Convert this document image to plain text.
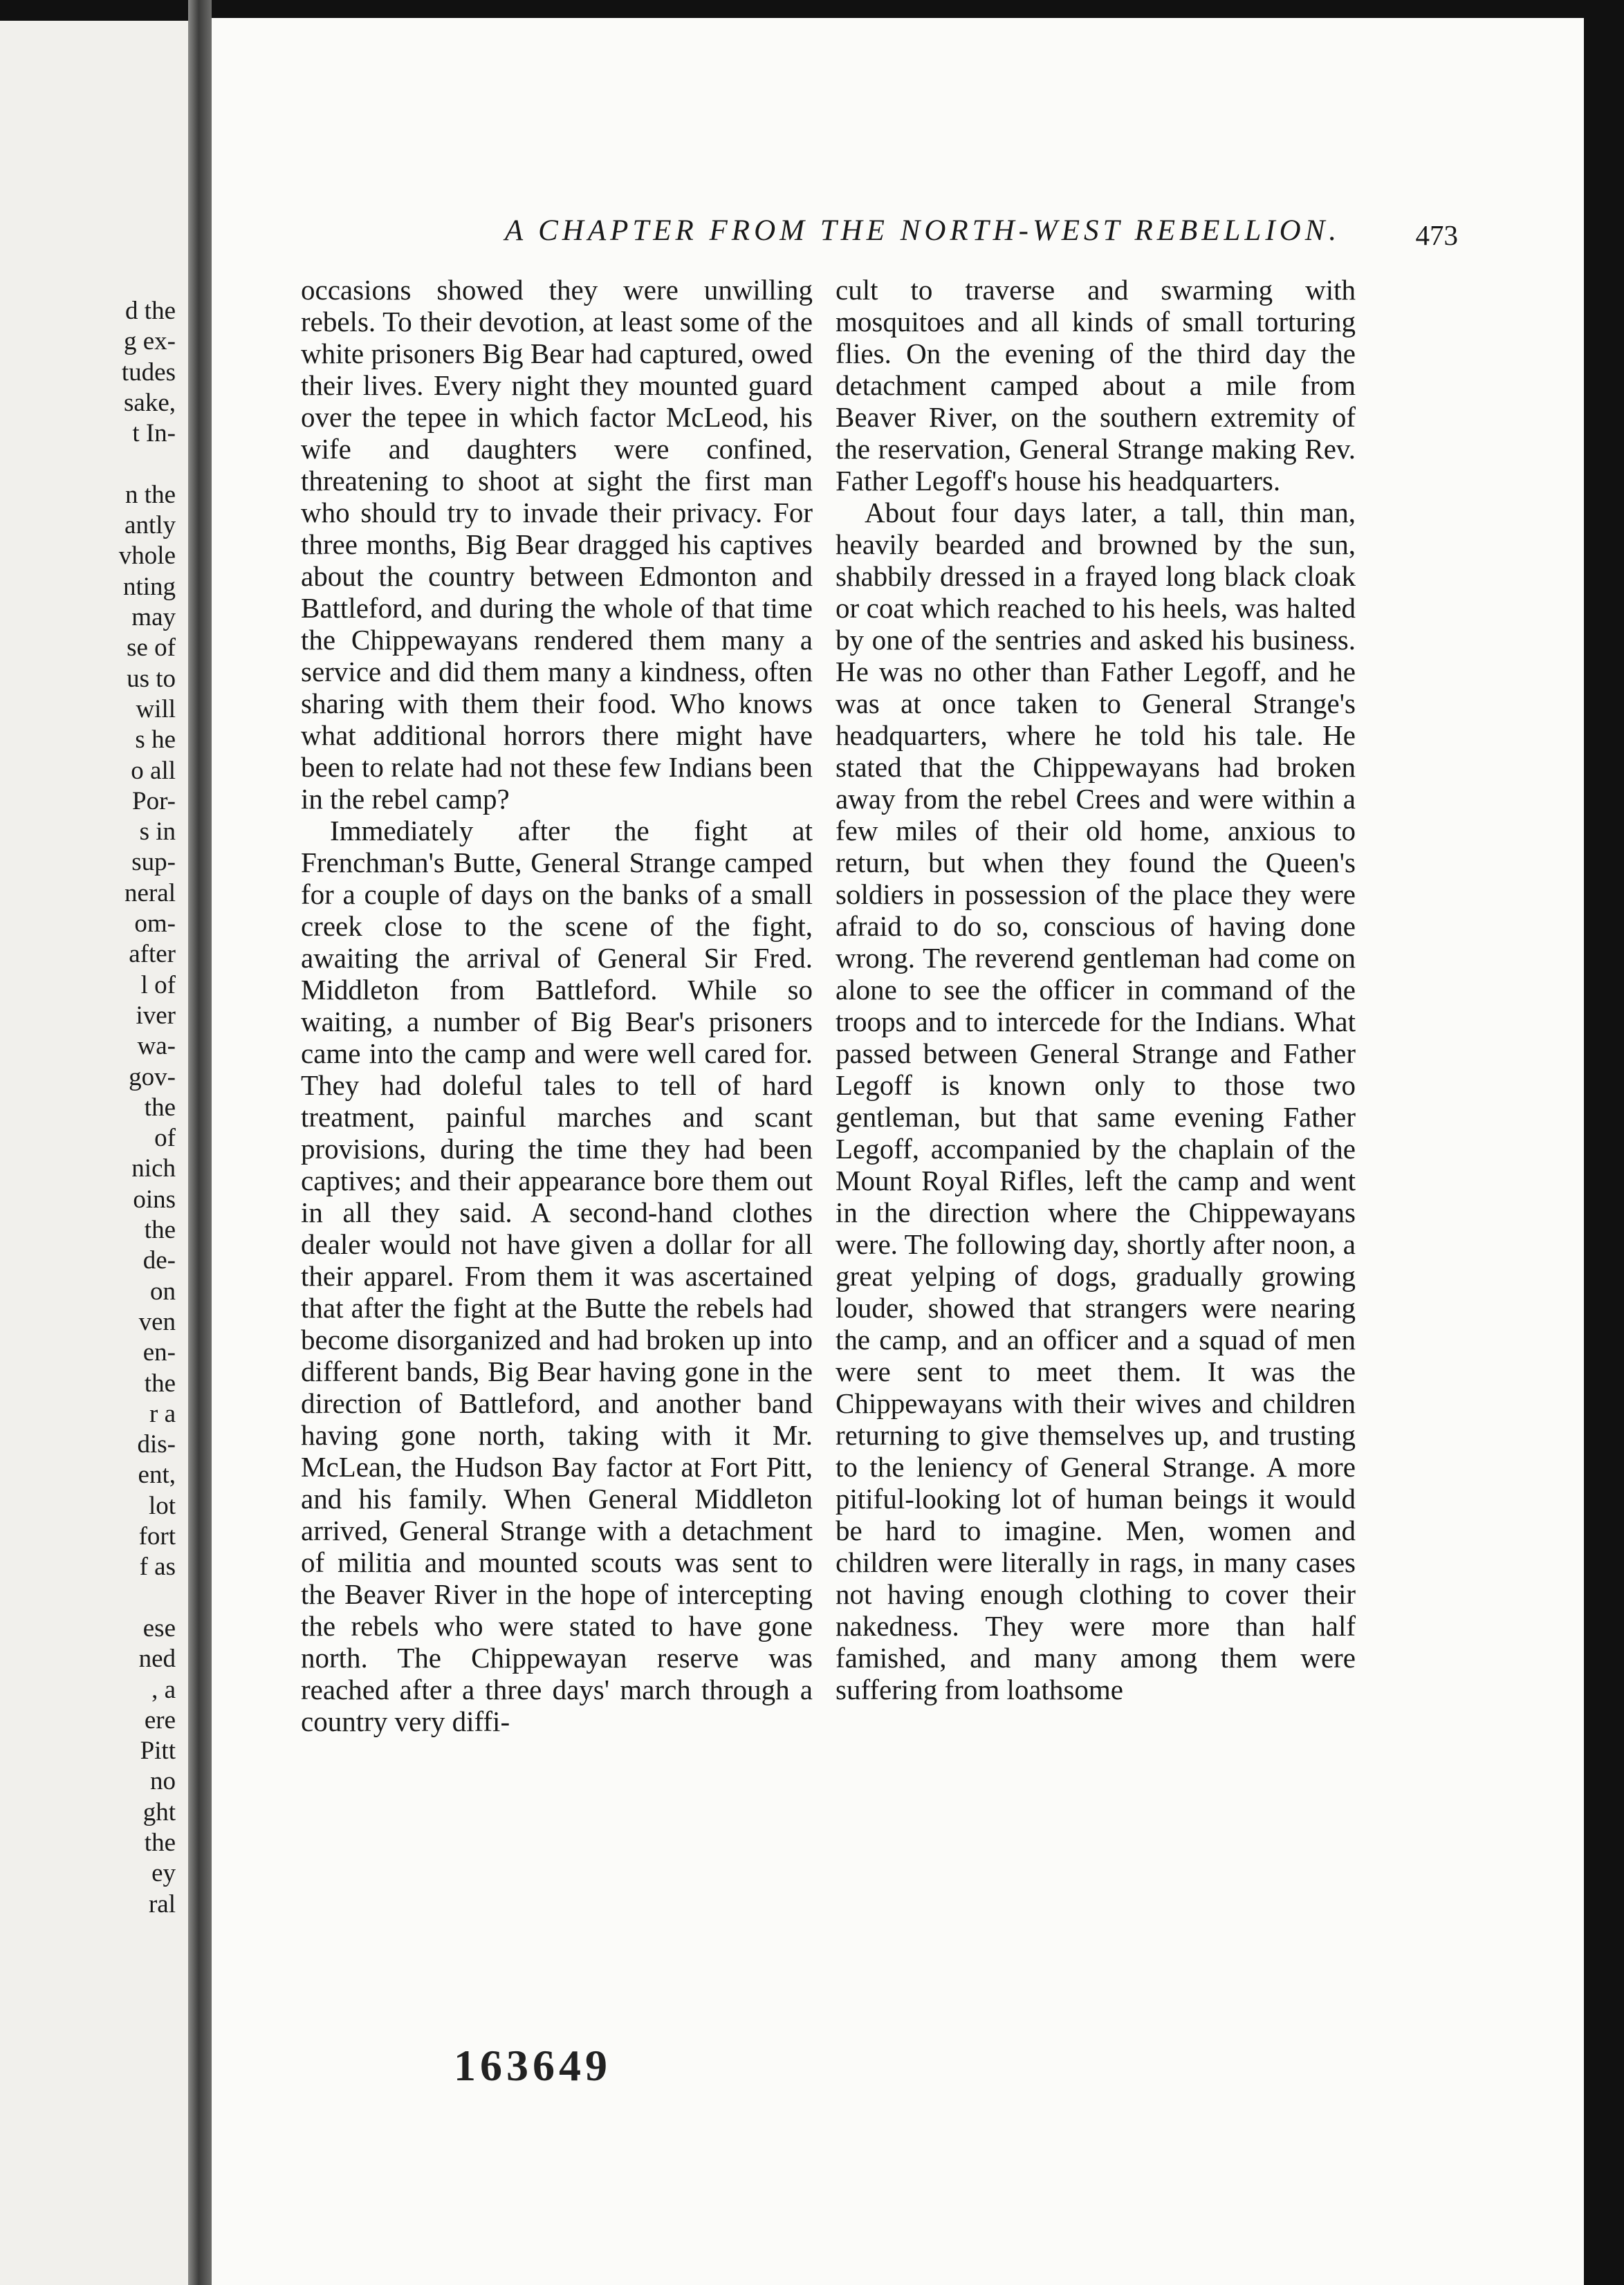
d the
g ex-
tudes
sake,
t In-
n the
antly
vhole
nting
may
se of
us to
will
s he
o all
Por-
s in
sup-
neral
om-
after
l of
iver
wa-
gov-
the
of
nich
oins
the
de-
on
ven
en-
the
r a
dis-
ent,
lot
fort
f as
ese
ned
, a
ere
Pitt
no
ght
the
ey
ral
A CHAPTER FROM THE NORTH-WEST REBELLION.	473

occasions showed they were unwilling rebels. To their devotion, at least some of the white prisoners Big Bear had captured, owed their lives. Every night they mounted guard over the tepee in which factor McLeod, his wife and daughters were confined, threatening to shoot at sight the first man who should try to invade their privacy. For three months, Big Bear dragged his captives about the country between Edmonton and Battleford, and during the whole of that time the Chippewayans rendered them many a service and did them many a kindness, often sharing with them their food. Who knows what additional horrors there might have been to relate had not these few Indians been in the rebel camp?

Immediately after the fight at Frenchman's Butte, General Strange camped for a couple of days on the banks of a small creek close to the scene of the fight, awaiting the arrival of General Sir Fred. Middleton from Battleford. While so waiting, a number of Big Bear's prisoners came into the camp and were well cared for. They had doleful tales to tell of hard treatment, painful marches and scant provisions, during the time they had been captives; and their appearance bore them out in all they said. A second-hand clothes dealer would not have given a dollar for all their apparel. From them it was ascertained that after the fight at the Butte the rebels had become disorganized and had broken up into different bands, Big Bear having gone in the direction of Battleford, and another band having gone north, taking with it Mr. McLean, the Hudson Bay factor at Fort Pitt, and his family. When General Middleton arrived, General Strange with a detachment of militia and mounted scouts was sent to the Beaver River in the hope of intercepting the rebels who were stated to have gone north. The Chippewayan reserve was reached after a three days' march through a country very diffi-

cult to traverse and swarming with mosquitoes and all kinds of small torturing flies. On the evening of the third day the detachment camped about a mile from Beaver River, on the southern extremity of the reservation, General Strange making Rev. Father Legoff's house his headquarters.

About four days later, a tall, thin man, heavily bearded and browned by the sun, shabbily dressed in a frayed long black cloak or coat which reached to his heels, was halted by one of the sentries and asked his business. He was no other than Father Legoff, and he was at once taken to General Strange's headquarters, where he told his tale. He stated that the Chippewayans had broken away from the rebel Crees and were within a few miles of their old home, anxious to return, but when they found the Queen's soldiers in possession of the place they were afraid to do so, conscious of having done wrong. The reverend gentleman had come on alone to see the officer in command of the troops and to intercede for the Indians. What passed between General Strange and Father Legoff is known only to those two gentleman, but that same evening Father Legoff, accompanied by the chaplain of the Mount Royal Rifles, left the camp and went in the direction where the Chippewayans were. The following day, shortly after noon, a great yelping of dogs, gradually growing louder, showed that strangers were nearing the camp, and an officer and a squad of men were sent to meet them. It was the Chippewayans with their wives and children returning to give themselves up, and trusting to the leniency of General Strange. A more pitiful-looking lot of human beings it would be hard to imagine. Men, women and children were literally in rags, in many cases not having enough clothing to cover their nakedness. They were more than half famished, and many among them were suffering from loathsome

163649
